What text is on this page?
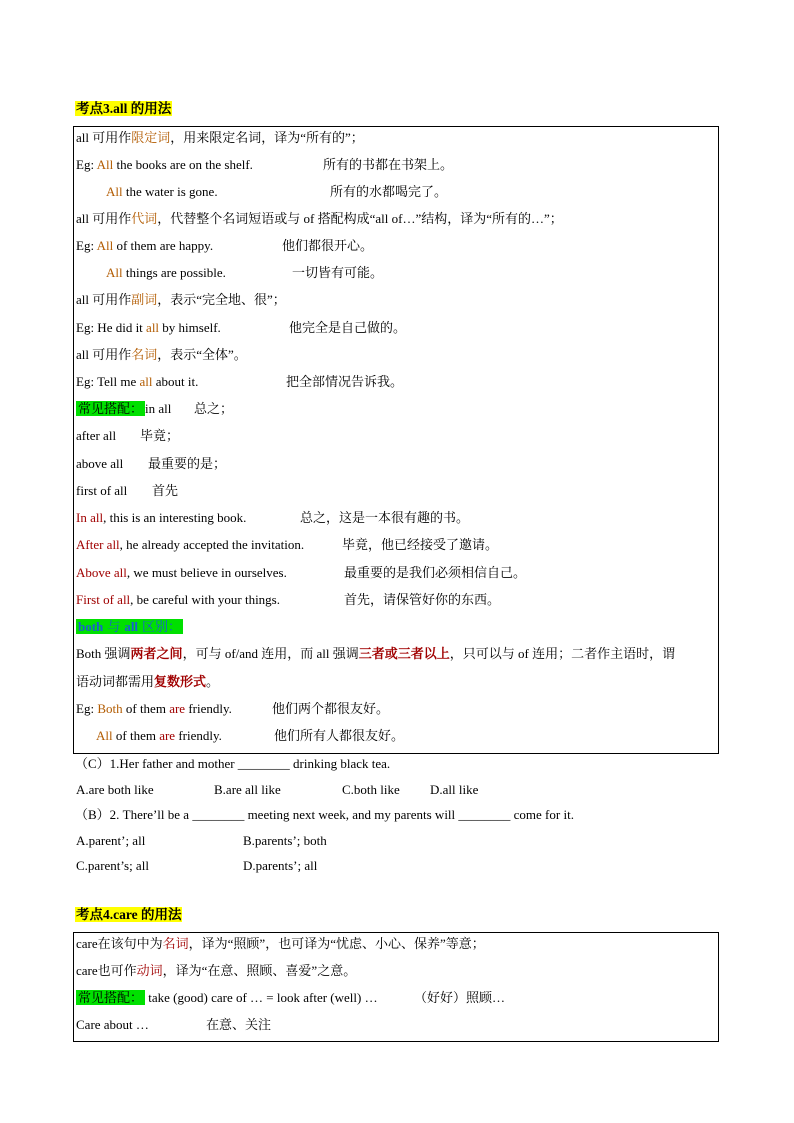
考点3.all 的用法
all 可用作限定词，用来限定名词，译为“所有的”；
Eg: All the books are on the shelf.	所有的书都在书架上。
All the water is gone.	所有的水都喝完了。
all 可用作代词，代替整个名词短语或与 of 搭配构成“all of…”结构，译为“所有的…”；
Eg: All of them are happy.	他们都很开心。
All things are possible.	一切皆有可能。
all 可用作副词，表示“完全地、很”；
Eg: He did it all by himself.	他完全是自己做的。
all 可用作名词，表示“全体”。
Eg: Tell me all about it.	把全部情况告诉我。
常见搭配： in all 总之；
after all 毕竟；
above all 最重要的是；
first of all 首先
In all, this is an interesting book.	总之，这是一本很有趣的书。
After all, he already accepted the invitation.	毕竟，他已经接受了邀请。
Above all, we must believe in ourselves.	最重要的是我们必须相信自己。
First of all, be careful with your things.	首先，请保管好你的东西。
both 与 all 区别：
Both 强调两者之间，可与 of/and 连用，而 all 强调三者或三者以上，只可以与 of 连用；二者作主语时，谓
语动词都需用复数形式。
Eg: Both of them are friendly.	他们两个都很友好。
All of them are friendly.	他们所有人都很友好。
（C）1.Her father and mother ________ drinking black tea.
A.are both like	B.are all like	C.both like D.all like
（B）2. There’ll be a ________ meeting next week, and my parents will ________ come for it.
A.parent’; all	B.parents’; both
C.parent’s; all	D.parents’; all
考点4.care 的用法
care在该句中为名词，译为“照顾”，也可译为“忧虑、小心、保养”等意；
care也可作动词，译为“在意、照顾、喜爱”之意。
常见搭配： take (good) care of … = look after (well) …	（好好）照顾…
Care about …	在意、关注
